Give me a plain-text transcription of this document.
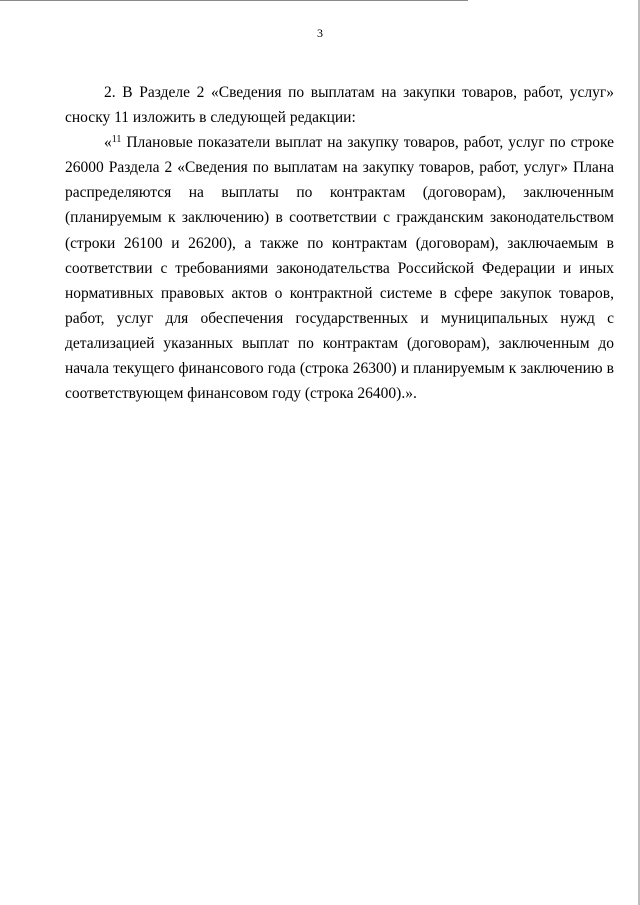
3

2. В Разделе 2 «Сведения по выплатам на закупки товаров, работ, услуг» сноску 11 изложить в следующей редакции:

«$^{11}$ Плановые показатели выплат на закупку товаров, работ, услуг по строке 26000 Раздела 2 «Сведения по выплатам на закупку товаров, работ, услуг» Плана распределяются на выплаты по контрактам (договорам), заключенным (планируемым к заключению) в соответствии с гражданским законодательством (строки 26100 и 26200), а также по контрактам (договорам), заключаемым в соответствии с требованиями законодательства Российской Федерации и иных нормативных правовых актов о контрактной системе в сфере закупок товаров, работ, услуг для обеспечения государственных и муниципальных нужд с детализацией указанных выплат по контрактам (договорам), заключенным до начала текущего финансового года (строка 26300) и планируемым к заключению в соответствующем финансовом году (строка 26400).».
